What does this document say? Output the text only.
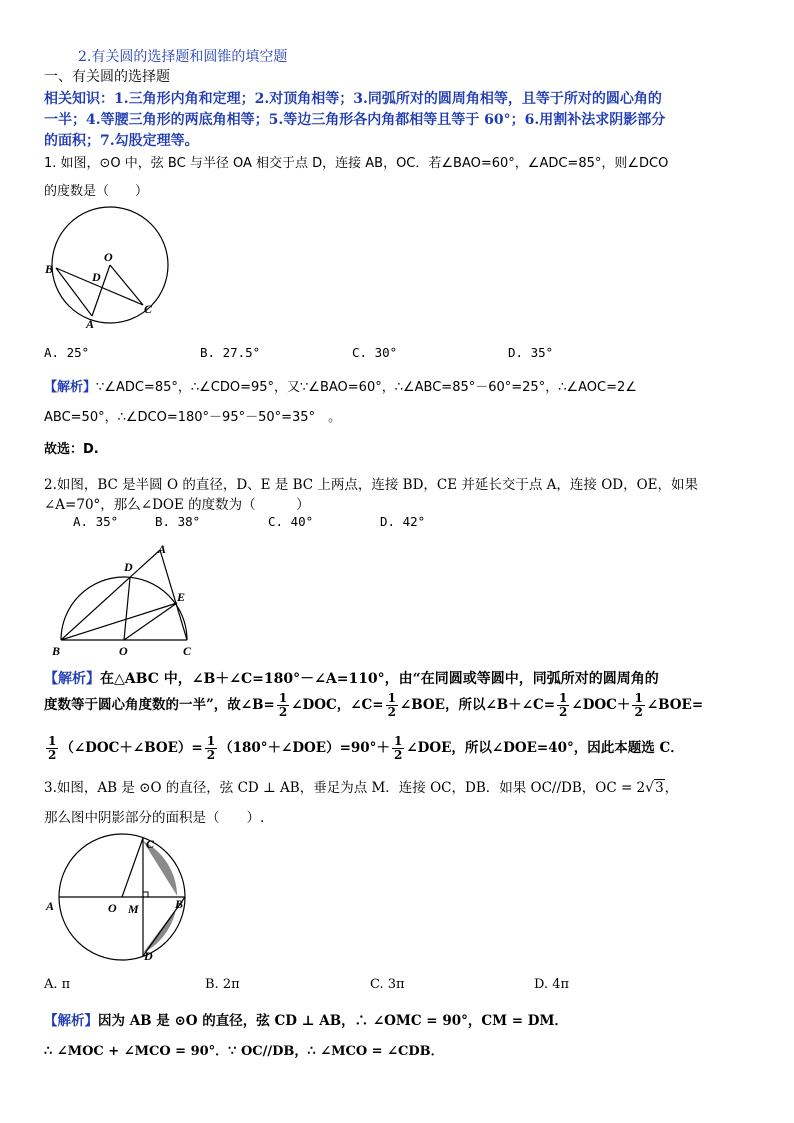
2.有关圆的选择题和圆锥的填空题
一、有关圆的选择题
相关知识：1.三角形内角和定理；2.对顶角相等；3.同弧所对的圆周角相等，且等于所对的圆心角的
一半；4.等腰三角形的两底角相等；5.等边三角形各内角都相等且等于 60°；6.用割补法求阴影部分
的面积；7.勾股定理等。
1. 如图，⊙O 中，弦 BC 与半径 OA 相交于点 D，连接 AB，OC．若∠BAO=60°，∠ADC=85°，则∠DCO
的度数是（　　）
O
B
D
A
C
A. 25°	B. 27.5°	C. 30°	D. 35°
【解析】∵∠ADC=85°，∴∠CDO=95°，又∵∠BAO=60°，∴∠ABC=85°－60°=25°，∴∠AOC=2∠
ABC=50°，∴∠DCO=180°－95°－50°=35°　。
故选：D.
2.如图，BC 是半圆 O 的直径，D、E 是 BC 上两点，连接 BD，CE 并延长交于点 A，连接 OD，OE，如果
∠A=70°，那么∠DOE 的度数为（　　　）
A. 35°	B. 38°	C. 40°	D. 42°
A
D
E
B	O	C
【解析】在△ABC 中，∠B＋∠C=180°－∠A=110°，由“在同圆或等圆中，同弧所对的圆周角的
度数等于圆心角度数的一半”，故∠B= $\frac{1}{2}$ ∠DOC，∠C= $\frac{1}{2}$ ∠BOE，所以∠B＋∠C= $\frac{1}{2}$ ∠DOC＋ $\frac{1}{2}$ ∠BOE=
$\frac{1}{2}$ （∠DOC＋∠BOE）= $\frac{1}{2}$ （180°＋∠DOE）=90°＋ $\frac{1}{2}$ ∠DOE，所以∠DOE=40°，因此本题选 C．
3.如图，AB 是 ⊙O 的直径，弦 CD ⊥ AB，垂足为点 M．连接 OC，DB．如果 OC//DB，OC = 2√3，
那么图中阴影部分的面积是（　　）.
C
A	O M	B
D
A. π	B. 2π	C. 3π	D. 4π
【解析】因为 AB 是 ⊙O 的直径，弦 CD ⊥ AB，∴ ∠OMC = 90°，CM = DM．
∴ ∠MOC + ∠MCO = 90°．∵ OC//DB，∴ ∠MCO = ∠CDB．
